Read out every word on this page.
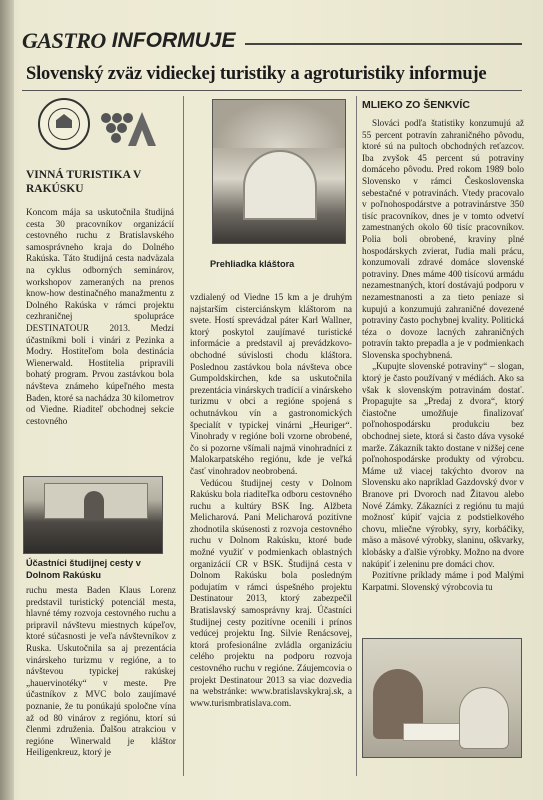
GASTRO INFORMUJE
Slovenský zväz vidieckej turistiky a agroturistiky informuje
VINNÁ TURISTIKA V RAKÚSKU
Koncom mája sa uskutočnila študijná cesta 30 pracovníkov organizácií cestovného ruchu z Bratislavského samosprávneho kraja do Dolného Rakúska. Táto študijná cesta nadväzala na cyklus odborných seminárov, workshopov zameraných na prenos know-how destinačného manažmentu z Dolného Rakúska v rámci projektu cezhraničnej spolupráce DESTINATOUR 2013. Medzi účastníkmi boli i vinári z Pezinka a Modry. Hostiteľom bola destinácia Wienerwald. Hostitelia pripravili bohatý program. Prvou zastávkou bola návšteva známeho kúpeľného mesta Baden, ktoré sa nachádza 30 kilometrov od Viedne. Riaditeľ obchodnej sekcie cestovného
Účastníci študijnej cesty v Dolnom Rakúsku
ruchu mesta Baden Klaus Lorenz predstavil turistický potenciál mesta, hlavné témy rozvoja cestovného ruchu a pripravil návštevu miestnych kúpeľov, ktoré súčasnosti je veľa návštevníkov z Ruska. Uskutočnila sa aj prezentácia vinárskeho turizmu v regióne, a to návštevou typickej rakúskej „hauervinotéky“ v meste. Pre účastníkov z MVC bolo zaujímavé poznanie, že tu ponúkajú spoločne vína až od 80 vinárov z regiónu, ktorí sú členmi združenia. Ďalšou atrakciou v regióne Winerwald je kláštor Heiligenkreuz, ktorý je
Prehliadka kláštora
vzdialený od Viedne 15 km a je druhým najstarším cisterciánskym kláštorom na svete. Hostí sprevádzal páter Karl Wallner, ktorý poskytol zaujímavé turistické informácie a predstavil aj prevádzkovo-obchodné súvislosti chodu kláštora. Poslednou zastávkou bola návšteva obce Gumpoldskirchen, kde sa uskutočnila prezentácia vinárskych tradícií a vinárskeho turizmu v obci a regióne spojená s ochutnávkou vín a gastronomických špecialít v typickej vinárni „Heuriger“. Vinohrady v regióne boli vzorne obrobené, čo si pozorne všímali najmä vinohradníci z Malokarpatského regiónu, kde je veľká časť vinohradov neobrobená.

Vedúcou študijnej cesty v Dolnom Rakúsku bola riaditeľka odboru cestovného ruchu a kultúry BSK Ing. Alžbeta Melicharová. Pani Melicharová pozitívne zhodnotila skúsenosti z rozvoja cestovného ruchu v Dolnom Rakúsku, ktoré bude možné využiť v podmienkach oblastných organizácií CR v BSK. Študijná cesta v Dolnom Rakúsku bola posledným podujatím v rámci úspešného projektu Destinatour 2013, ktorý zabezpečil Bratislavský samosprávny kraj. Účastníci študijnej cesty pozitívne ocenili i prínos vedúcej projektu Ing. Silvie Renácsovej, ktorá profesionálne zvládla organizáciu celého projektu na podporu rozvoja cestovného ruchu v regióne. Záujemcovia o projekt Destinatour 2013 sa viac dozvedia na webstránke: www.bratislavskykraj.sk, a www.turismbratislava.com.
MLIEKO ZO ŠENKVÍC
Slováci podľa štatistiky konzumujú až 55 percent potravín zahraničného pôvodu, ktoré sú na pultoch obchodných reťazcov. Iba zvyšok 45 percent sú potraviny domáceho pôvodu. Pred rokom 1989 bolo Slovensko v rámci Československa sebestačné v potravinách. Vtedy pracovalo v poľnohospodárstve a potravinárstve 350 tisíc pracovníkov, dnes je v tomto odvetví zamestnaných okolo 60 tisíc pracovníkov. Polia boli obrobené, kraviny plné hospodárskych zvierat, ľudia mali prácu, konzumovali zdravé domáce slovenské potraviny. Dnes máme 400 tisícovú armádu nezamestnaných, ktorí dostávajú podporu v nezamestnanosti a za tieto peniaze si kupujú a konzumujú zahraničné dovezené potraviny často pochybnej kvality. Politická téza o dovoze lacných zahraničných potravín takto prepadla a je v podmienkach Slovenska spochybnená.
„Kupujte slovenské potraviny“ – slogan, ktorý je často používaný v médiách. Ako sa však k slovenským potravinám dostať. Propagujte sa „Predaj z dvora“, ktorý čiastočne umožňuje finalizovať poľnohospodársku produkciu bez obchodnej siete, ktorá si často dáva vysoké marže. Zákazník takto dostane v nižšej cene poľnohospodárske produkty od výrobcu. Máme už viacej takýchto dvorov na Slovensku ako napríklad Gazdovský dvor v Branove pri Dvoroch nad Žitavou alebo Nové Zámky. Zákazníci z regiónu tu majú možnosť kúpiť vajcia z podstielkového chovu, mliečne výrobky, syry, korbáčiky, mäso a mäsové výrobky, slaninu, oškvarky, klobásky a ďalšie výrobky. Možno na dvore nakúpiť i zeleninu pre domáci chov.
Pozitívne príklady máme i pod Malými Karpatmi. Slovenský výrobcovia tu
